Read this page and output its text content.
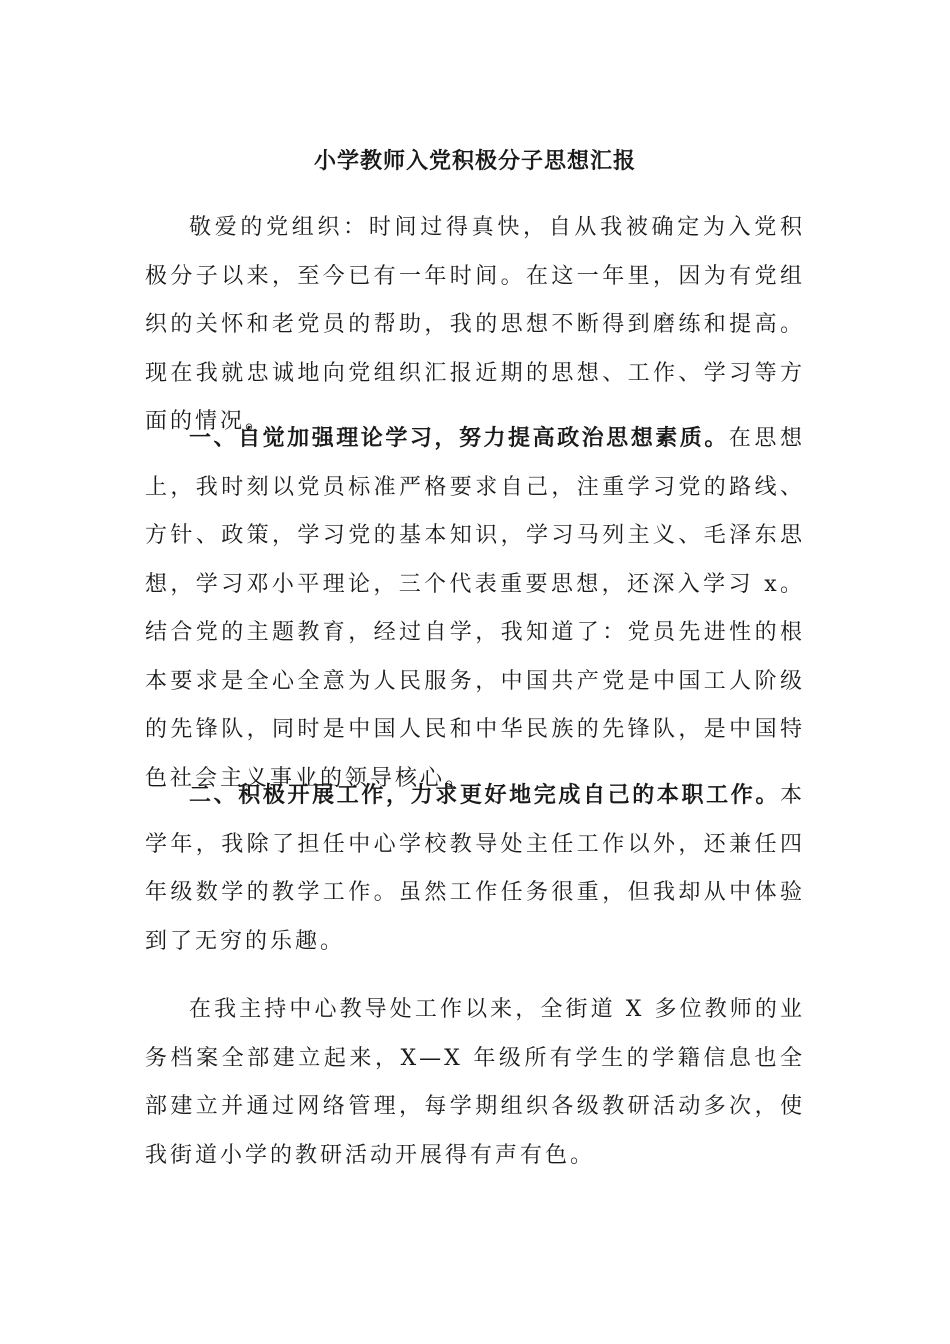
小学教师入党积极分子思想汇报

敬爱的党组织：时间过得真快，自从我被确定为入党积极分子以来，至今已有一年时间。在这一年里，因为有党组织的关怀和老党员的帮助，我的思想不断得到磨练和提高。现在我就忠诚地向党组织汇报近期的思想、工作、学习等方面的情况。

一、自觉加强理论学习，努力提高政治思想素质。在思想上，我时刻以党员标准严格要求自己，注重学习党的路线、方针、政策，学习党的基本知识，学习马列主义、毛泽东思想，学习邓小平理论，三个代表重要思想，还深入学习 x。结合党的主题教育，经过自学，我知道了：党员先进性的根本要求是全心全意为人民服务，中国共产党是中国工人阶级的先锋队，同时是中国人民和中华民族的先锋队，是中国特色社会主义事业的领导核心。

二、积极开展工作，力求更好地完成自己的本职工作。本学年，我除了担任中心学校教导处主任工作以外，还兼任四年级数学的教学工作。虽然工作任务很重，但我却从中体验到了无穷的乐趣。

在我主持中心教导处工作以来，全街道 X 多位教师的业务档案全部建立起来，X—X 年级所有学生的学籍信息也全部建立并通过网络管理，每学期组织各级教研活动多次，使我街道小学的教研活动开展得有声有色。
